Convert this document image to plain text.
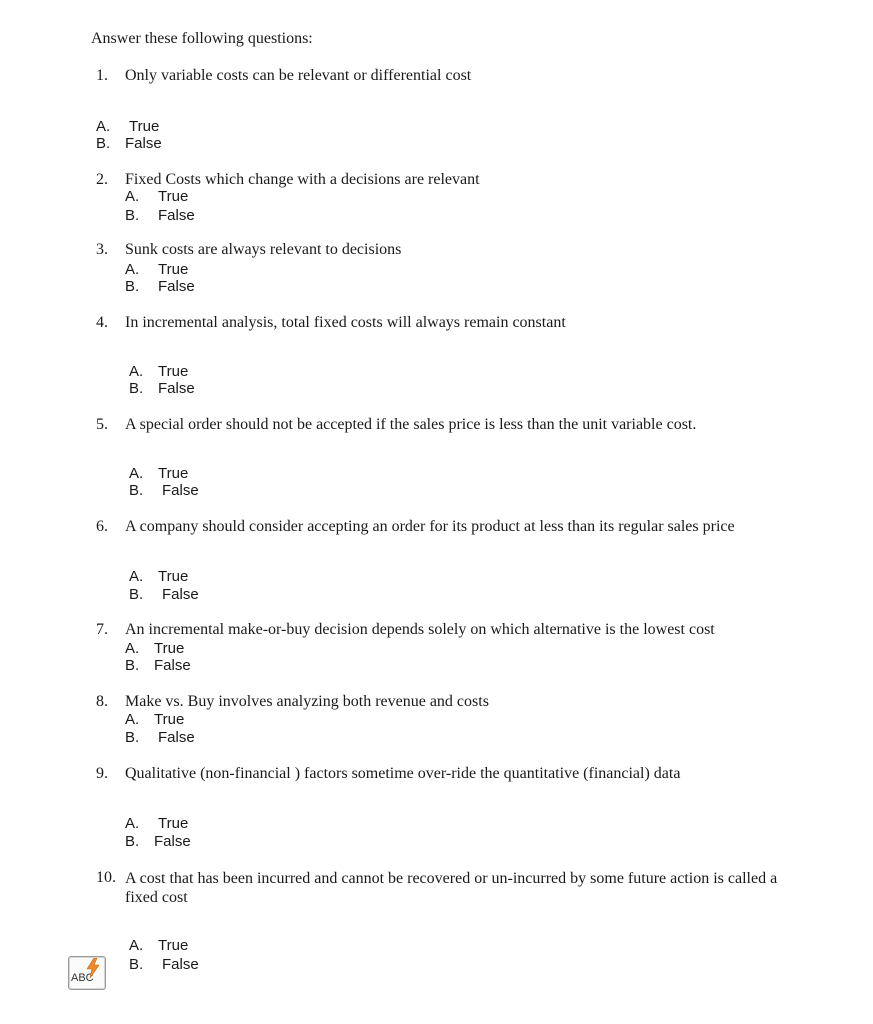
Answer these following questions:
1. Only variable costs can be relevant or differential cost
A. True
B. False
2. Fixed Costs which change with a decisions are relevant
A. True
B. False
3. Sunk costs are always relevant to decisions
A. True
B. False
4. In incremental analysis, total fixed costs will always remain constant
A. True
B. False
5. A special order should not be accepted if the sales price is less than the unit variable cost.
A. True
B. False
6. A company should consider accepting an order for its product at less than its regular sales price
A. True
B. False
7. An incremental make-or-buy decision depends solely on which alternative is the lowest cost
A. True
B. False
8. Make vs. Buy involves analyzing both revenue and costs
A. True
B. False
9. Qualitative (non-financial ) factors sometime over-ride the quantitative (financial) data
A. True
B. False
10. A cost that has been incurred and cannot be recovered or un-incurred by some future action is called a fixed cost
A. True
B. False
ABC
